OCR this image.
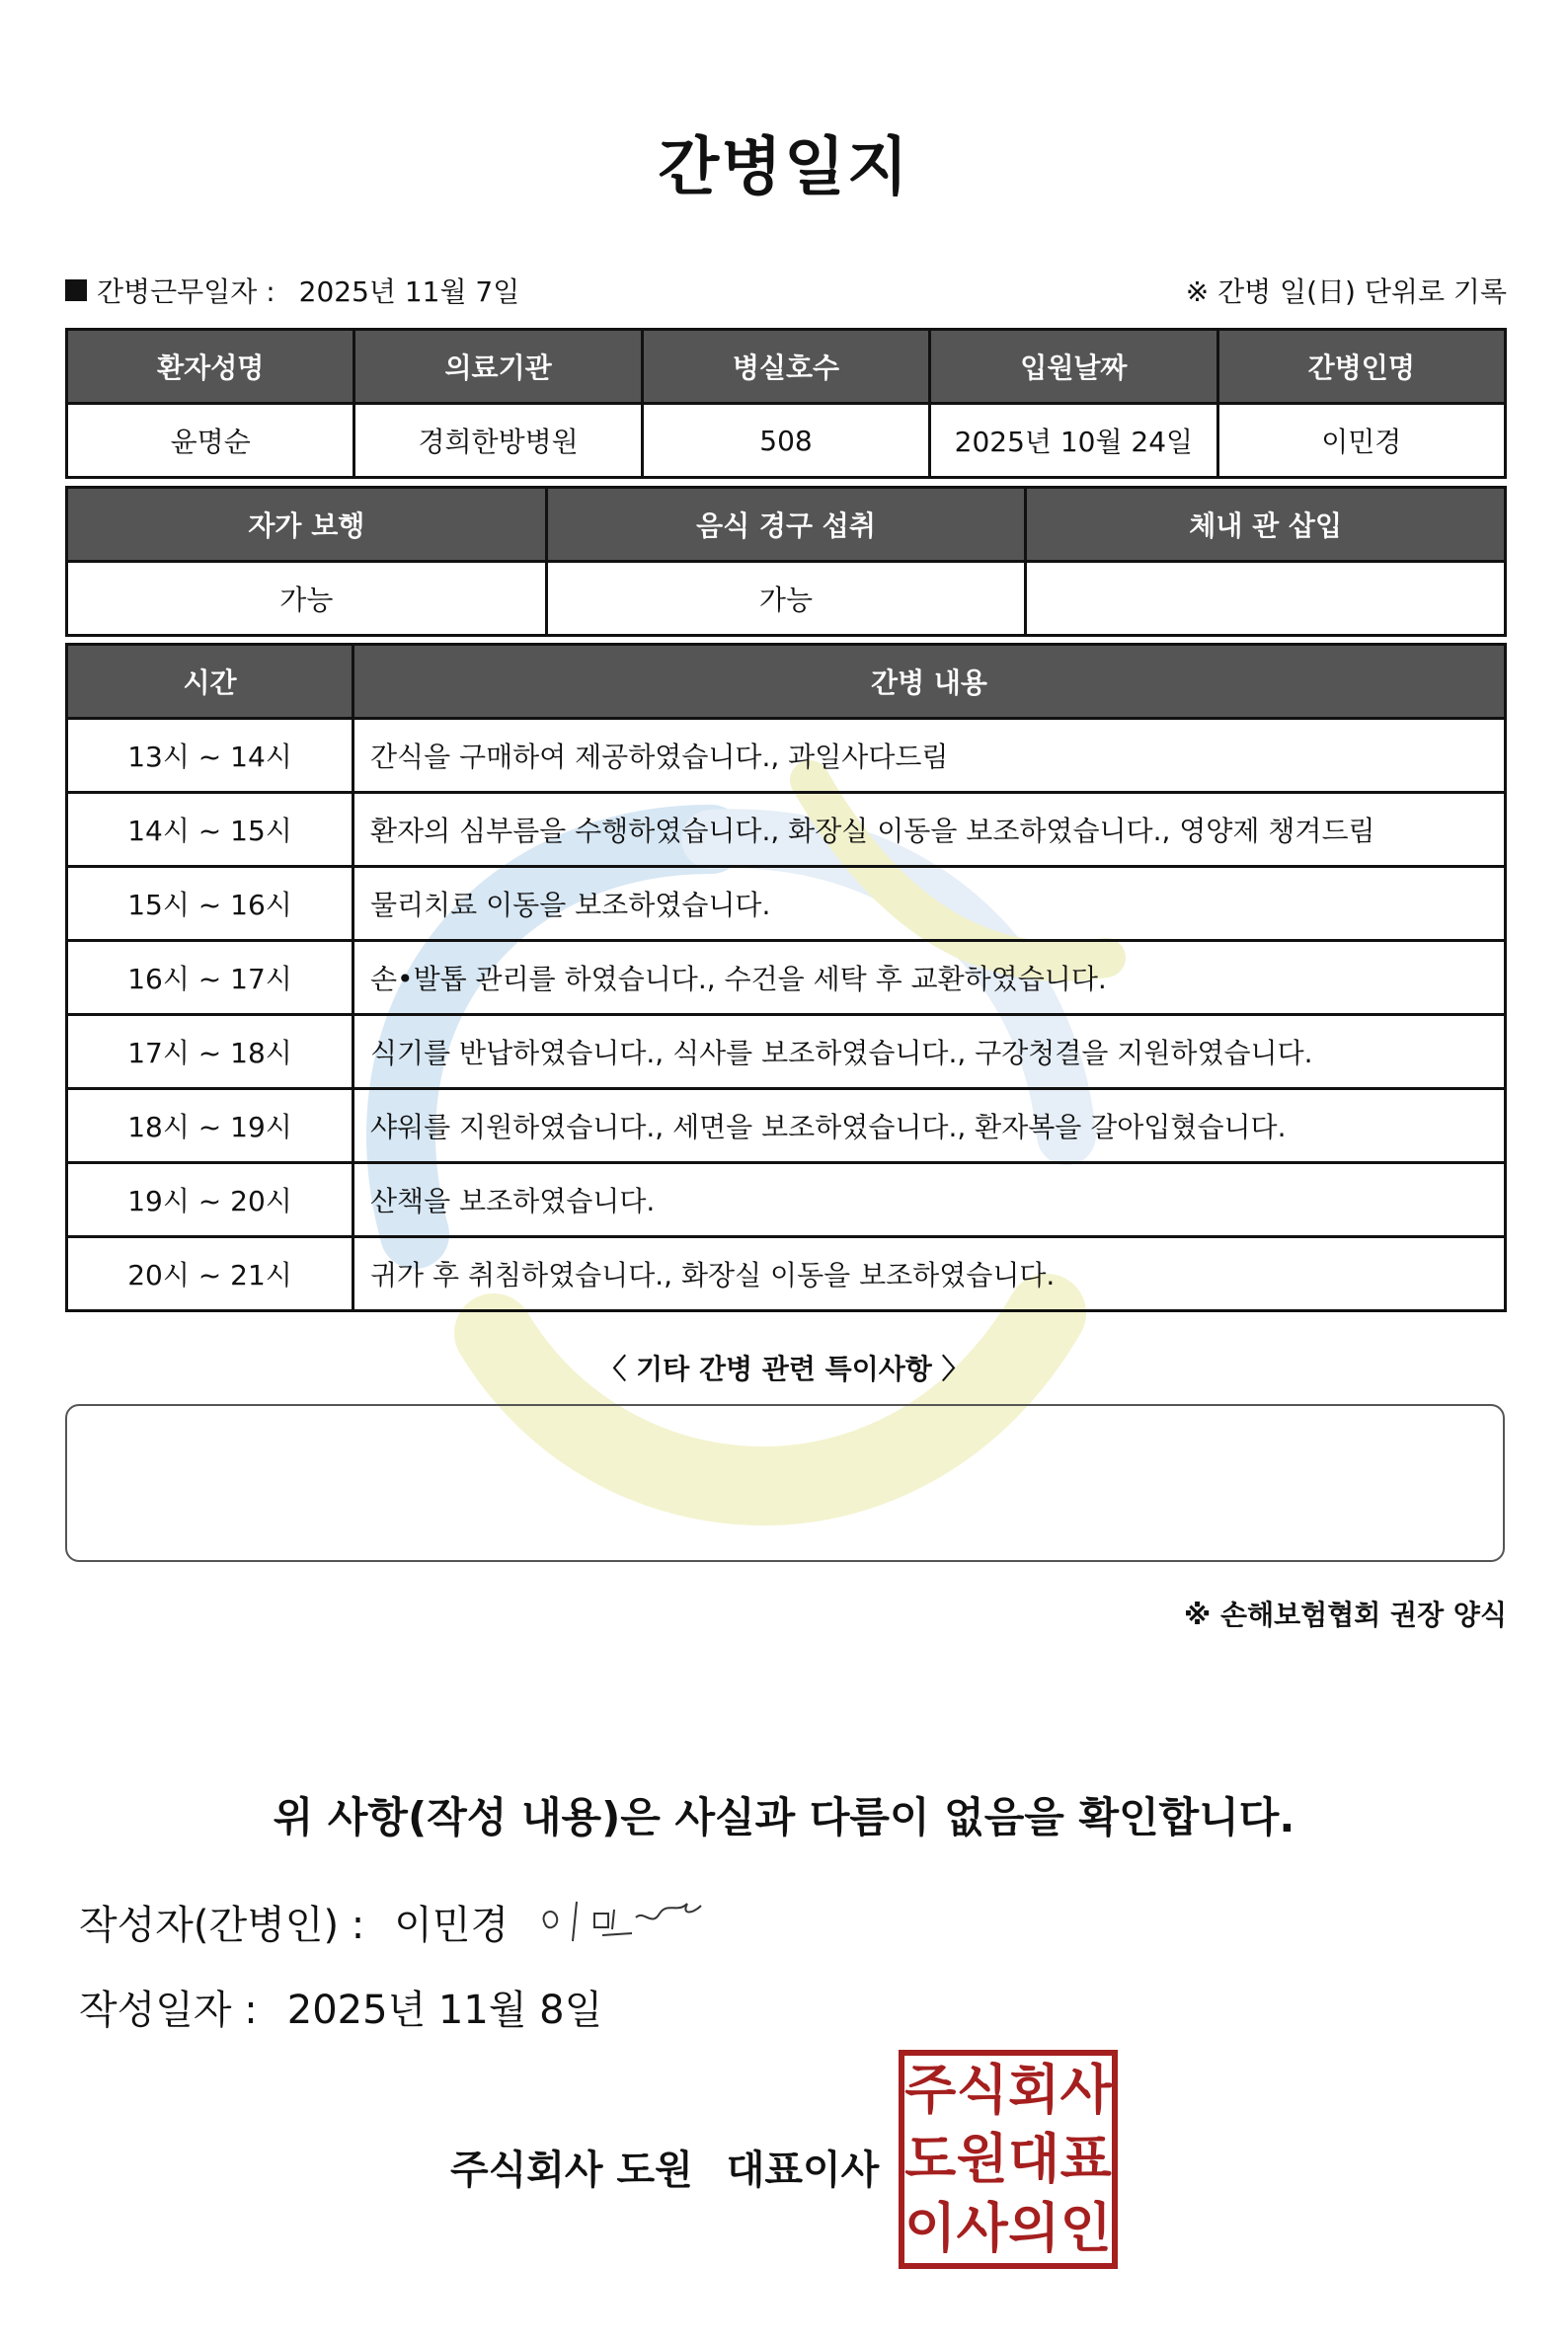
간병일지
간병근무일자 : 2025년 11월 7일	※ 간병 일(日) 단위로 기록
환자성명	의료기관	병실호수	입원날짜	간병인명
윤명순	경희한방병원	508	2025년 10월 24일	이민경
자가 보행	음식 경구 섭취	체내 관 삽입
가능	가능	
시간	간병 내용
13시 ~ 14시	간식을 구매하여 제공하였습니다., 과일사다드림
14시 ~ 15시	환자의 심부름을 수행하였습니다., 화장실 이동을 보조하였습니다., 영양제 챙겨드림
15시 ~ 16시	물리치료 이동을 보조하였습니다.
16시 ~ 17시	손•발톱 관리를 하였습니다., 수건을 세탁 후 교환하였습니다.
17시 ~ 18시	식기를 반납하였습니다., 식사를 보조하였습니다., 구강청결을 지원하였습니다.
18시 ~ 19시	샤워를 지원하였습니다., 세면을 보조하였습니다., 환자복을 갈아입혔습니다.
19시 ~ 20시	산책을 보조하였습니다.
20시 ~ 21시	귀가 후 취침하였습니다., 화장실 이동을 보조하였습니다.
〈 기타 간병 관련 특이사항 〉
※ 손해보험협회 권장 양식
위 사항(작성 내용)은 사실과 다름이 없음을 확인합니다.
작성자(간병인) : 이민경
작성일자 : 2025년 11월 8일
주식회사 도원 대표이사
주 식 회 사
도 원 대 표
이 사 의 인
